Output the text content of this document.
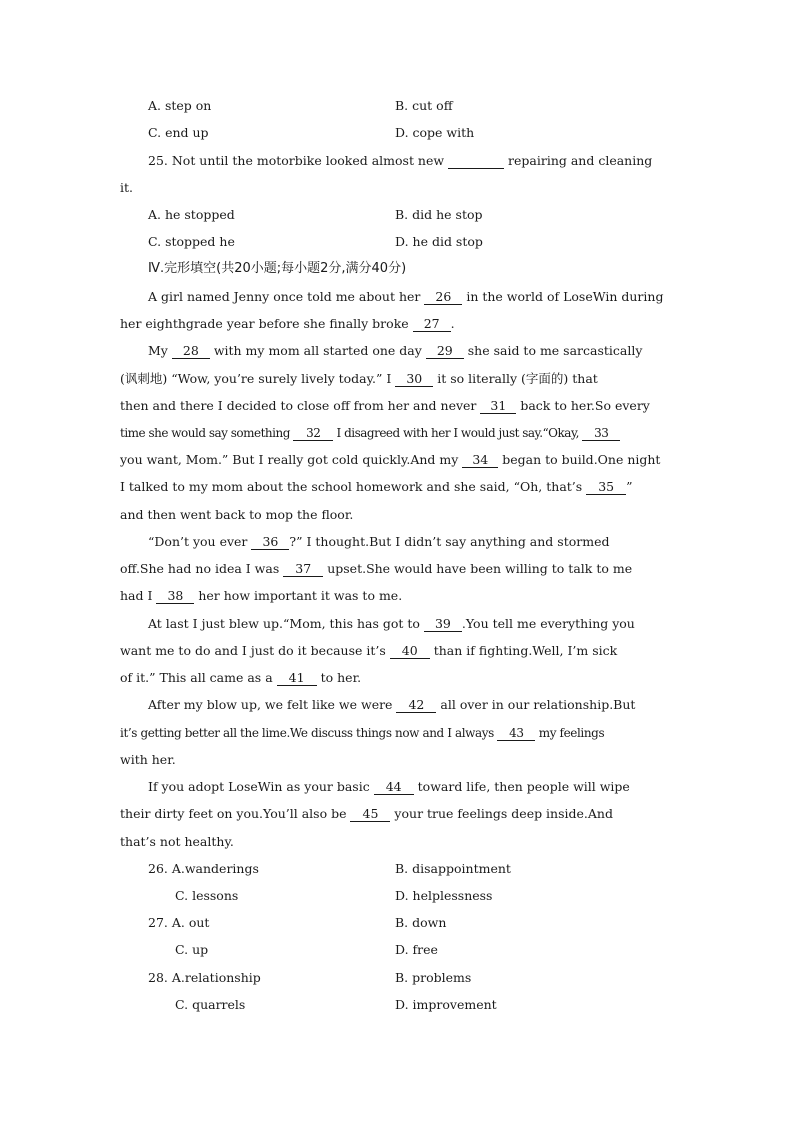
A. step on	B. cut off
C. end up	D. cope with
25. Not until the motorbike looked almost new	repairing and cleaning
it.
A. he stopped	B. did he stop
C. stopped he	D. he did stop
Ⅳ.完形填空(共20小题;每小题2分,满分40分)
A girl named Jenny once told me about her 26 in the world of LoseWin during
her eighthgrade year before she finally broke 27 .
My 28 with my mom all started one day 29 she said to me sarcastically
(讽刺地) “Wow, you’re surely lively today.” I 30 it so literally (字面的) that
then and there I decided to close off from her and never 31 back to her.So every
time she would say something 32 I disagreed with her I would just say.“Okay, 33
you want, Mom.” But I really got cold quickly.And my 34 began to build.One night
I talked to my mom about the school homework and she said, “Oh, that’s 35 ”
and then went back to mop the floor.
“Don’t you ever 36 ?” I thought.But I didn’t say anything and stormed
off.She had no idea I was 37 upset.She would have been willing to talk to me
had I 38 her how important it was to me.
At last I just blew up.“Mom, this has got to 39 .You tell me everything you
want me to do and I just do it because it’s 40 than if fighting.Well, I’m sick
of it.” This all came as a 41 to her.
After my blow up, we felt like we were 42 all over in our relationship.But
it’s getting better all the lime.We discuss things now and I always 43 my feelings
with her.
If you adopt LoseWin as your basic 44 toward life, then people will wipe
their dirty feet on you.You’ll also be 45 your true feelings deep inside.And
that’s not healthy.
26. A.wanderings	B. disappointment
C. lessons	D. helplessness
27. A. out	B. down
C. up	D. free
28. A.relationship	B. problems
C. quarrels	D. improvement
